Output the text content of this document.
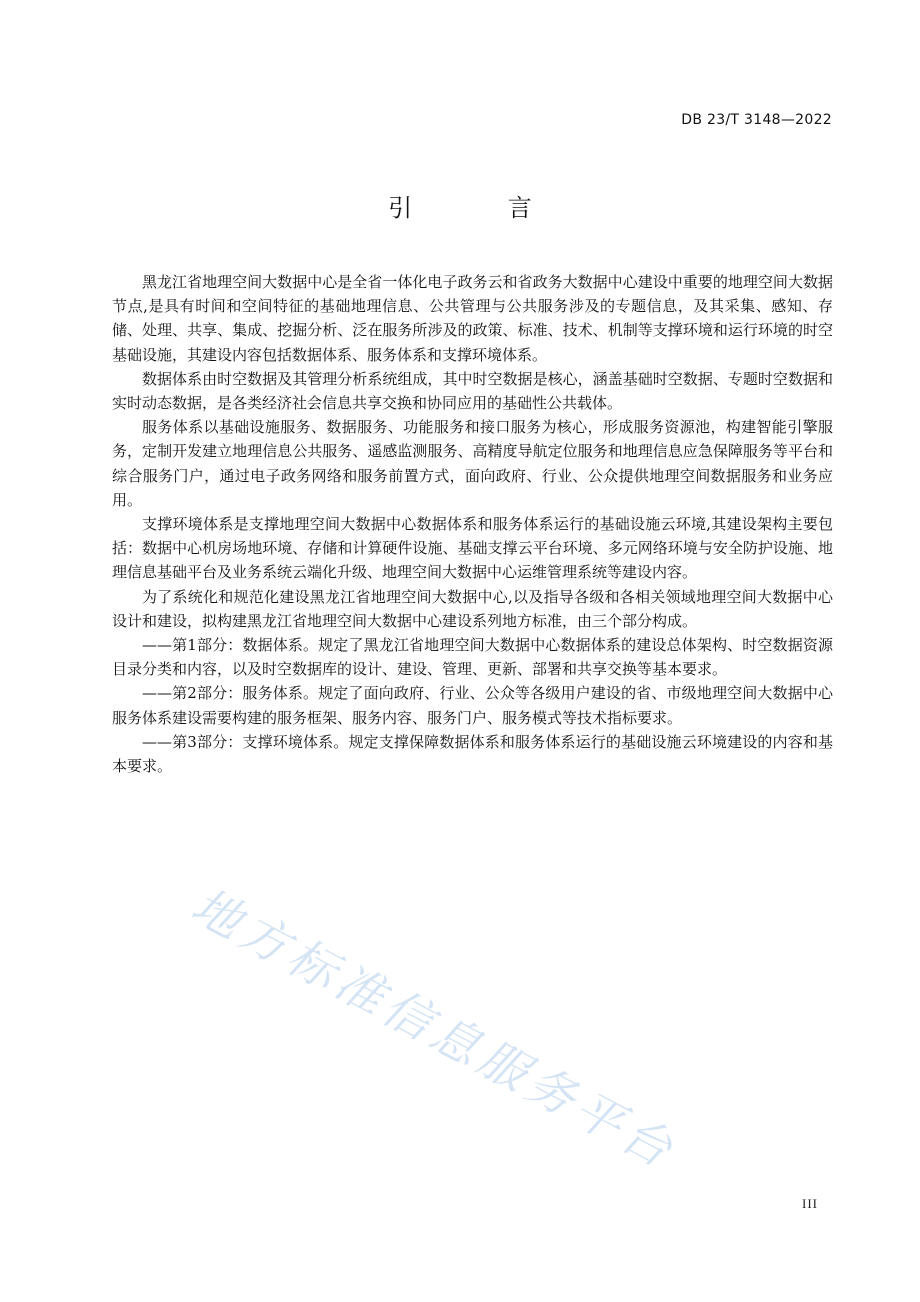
DB 23/T 3148—2022
引 言

黑龙江省地理空间大数据中心是全省一体化电子政务云和省政务大数据中心建设中重要的地理空间大数据节点,是具有时间和空间特征的基础地理信息、公共管理与公共服务涉及的专题信息，及其采集、感知、存储、处理、共享、集成、挖掘分析、泛在服务所涉及的政策、标准、技术、机制等支撑环境和运行环境的时空基础设施，其建设内容包括数据体系、服务体系和支撑环境体系。

数据体系由时空数据及其管理分析系统组成，其中时空数据是核心，涵盖基础时空数据、专题时空数据和实时动态数据，是各类经济社会信息共享交换和协同应用的基础性公共载体。

服务体系以基础设施服务、数据服务、功能服务和接口服务为核心，形成服务资源池，构建智能引擎服务，定制开发建立地理信息公共服务、遥感监测服务、高精度导航定位服务和地理信息应急保障服务等平台和综合服务门户，通过电子政务网络和服务前置方式，面向政府、行业、公众提供地理空间数据服务和业务应用。

支撑环境体系是支撑地理空间大数据中心数据体系和服务体系运行的基础设施云环境,其建设架构主要包括：数据中心机房场地环境、存储和计算硬件设施、基础支撑云平台环境、多元网络环境与安全防护设施、地理信息基础平台及业务系统云端化升级、地理空间大数据中心运维管理系统等建设内容。

为了系统化和规范化建设黑龙江省地理空间大数据中心,以及指导各级和各相关领域地理空间大数据中心设计和建设，拟构建黑龙江省地理空间大数据中心建设系列地方标准，由三个部分构成。

——第1部分：数据体系。规定了黑龙江省地理空间大数据中心数据体系的建设总体架构、时空数据资源目录分类和内容，以及时空数据库的设计、建设、管理、更新、部署和共享交换等基本要求。

——第2部分：服务体系。规定了面向政府、行业、公众等各级用户建设的省、市级地理空间大数据中心服务体系建设需要构建的服务框架、服务内容、服务门户、服务模式等技术指标要求。

——第3部分：支撑环境体系。规定支撑保障数据体系和服务体系运行的基础设施云环境建设的内容和基本要求。

地方标准信息服务平台
III
